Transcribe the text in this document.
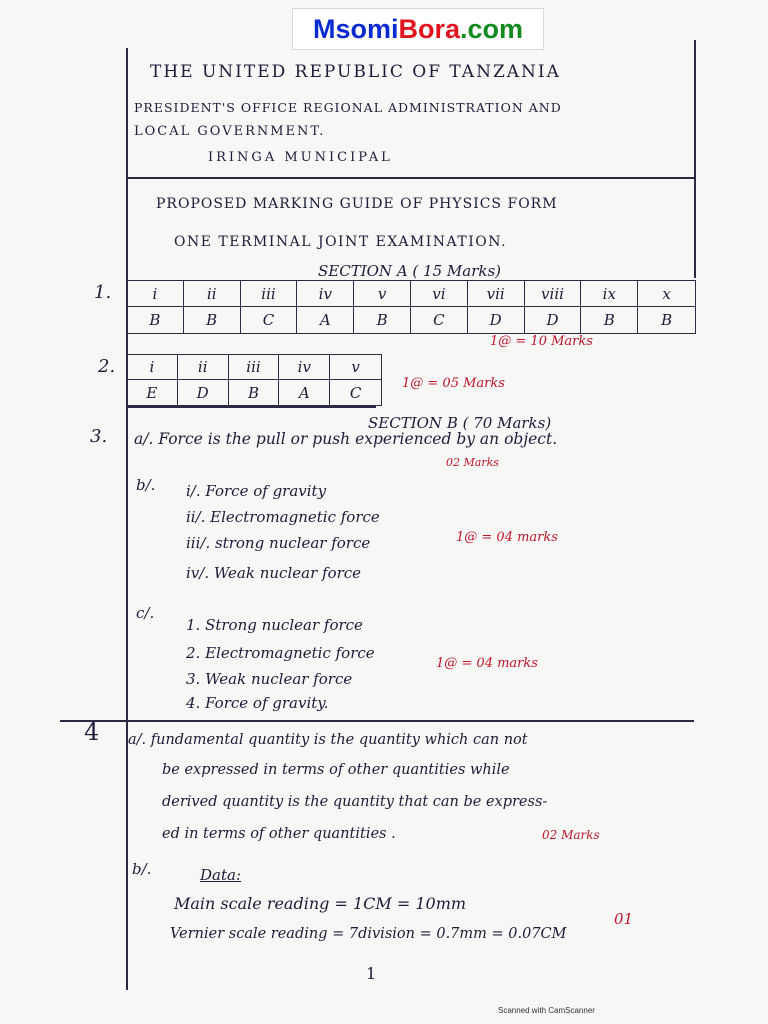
MsomiBora.com
THE UNITED REPUBLIC OF TANZANIA
PRESIDENT'S OFFICE REGIONAL ADMINISTRATION AND
LOCAL GOVERNMENT.
IRINGA MUNICIPAL
PROPOSED MARKING GUIDE OF PHYSICS FORM
ONE TERMINAL JOINT EXAMINATION.
SECTION A ( 15 Marks)
1.	i	ii	iii	iv	v	vi	vii	viii	ix	x
B	B	C	A	B	C	D	D	B	B
1@ = 10 Marks
2.	i	ii	iii	iv	v
E	D	B	A	C	1@ = 05 Marks
SECTION B ( 70 Marks)
3. a/. Force is the pull or push experienced by an object.
02 Marks
b/. i/. Force of gravity
ii/. Electromagnetic force
iii/. strong nuclear force
iv/. Weak nuclear force
1@ = 04 marks
c/.
1. Strong nuclear force
2. Electromagnetic force
3. Weak nuclear force
4. Force of gravity.
1@ = 04 marks
4 a/. fundamental quantity is the quantity which can not
be expressed in terms of other quantities while
derived quantity is the quantity that can be express-
ed in terms of other quantities .	02 Marks
b/.	Data:
Main scale reading = 1CM = 10mm
Vernier scale reading = 7division = 0.7mm = 0.07CM
01
1
Scanned with CamScanner
